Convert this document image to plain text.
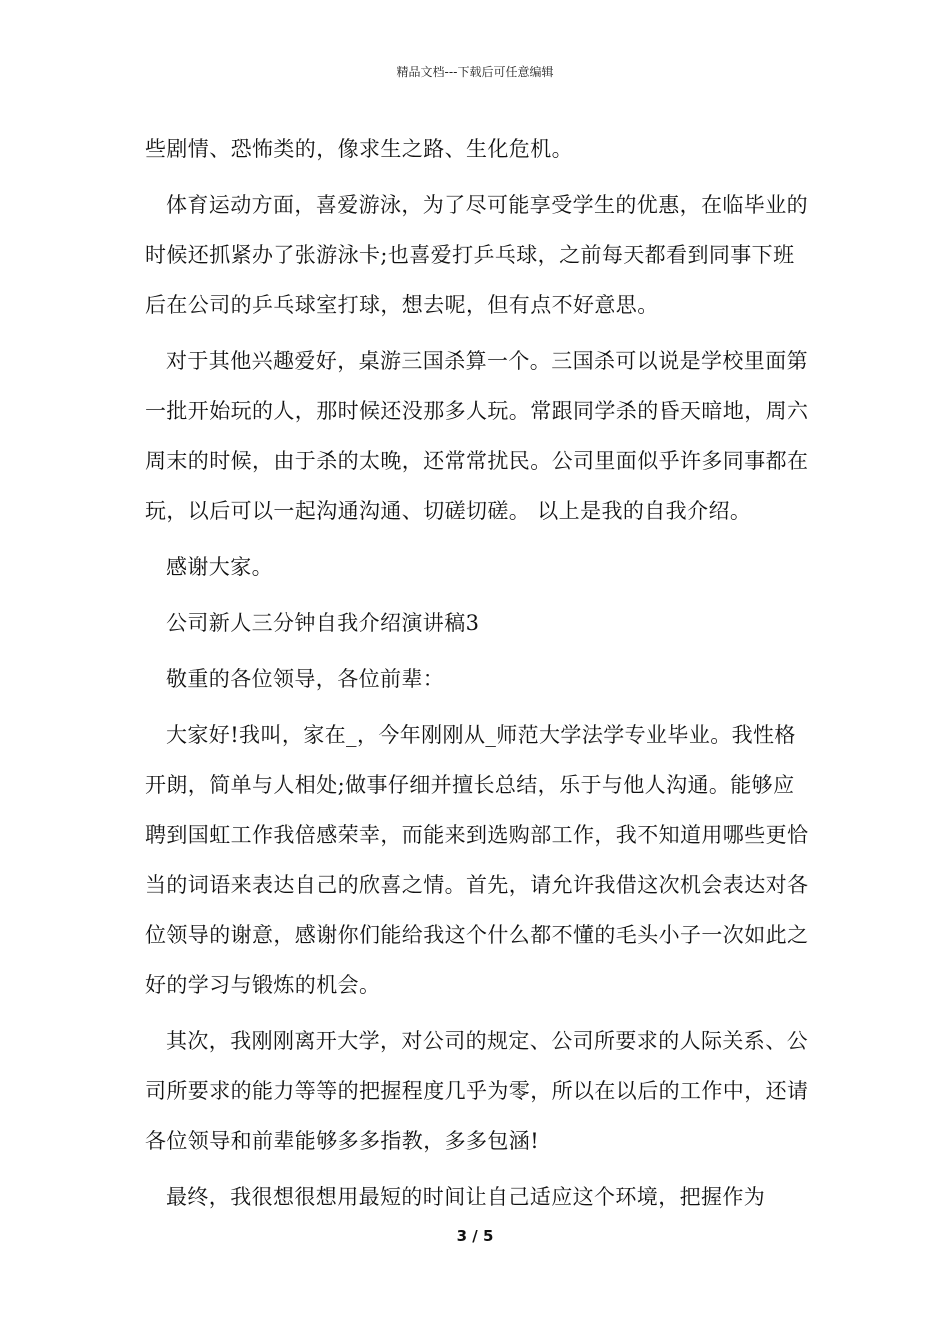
精品文档---下载后可任意编辑

些剧情、恐怖类的，像求生之路、生化危机。

体育运动方面，喜爱游泳，为了尽可能享受学生的优惠，在临毕业的时候还抓紧办了张游泳卡;也喜爱打乒乓球，之前每天都看到同事下班后在公司的乒乓球室打球，想去呢，但有点不好意思。

对于其他兴趣爱好，桌游三国杀算一个。三国杀可以说是学校里面第一批开始玩的人，那时候还没那多人玩。常跟同学杀的昏天暗地，周六周末的时候，由于杀的太晚，还常常扰民。公司里面似乎许多同事都在玩，以后可以一起沟通沟通、切磋切磋。 以上是我的自我介绍。

感谢大家。

公司新人三分钟自我介绍演讲稿3

敬重的各位领导，各位前辈：

大家好!我叫，家在_，今年刚刚从_师范大学法学专业毕业。我性格开朗，简单与人相处;做事仔细并擅长总结，乐于与他人沟通。能够应聘到国虹工作我倍感荣幸，而能来到选购部工作，我不知道用哪些更恰当的词语来表达自己的欣喜之情。首先，请允许我借这次机会表达对各位领导的谢意，感谢你们能给我这个什么都不懂的毛头小子一次如此之好的学习与锻炼的机会。

其次，我刚刚离开大学，对公司的规定、公司所要求的人际关系、公司所要求的能力等等的把握程度几乎为零，所以在以后的工作中，还请各位领导和前辈能够多多指教，多多包涵!

最终，我很想很想用最短的时间让自己适应这个环境，把握作为

3 / 5
